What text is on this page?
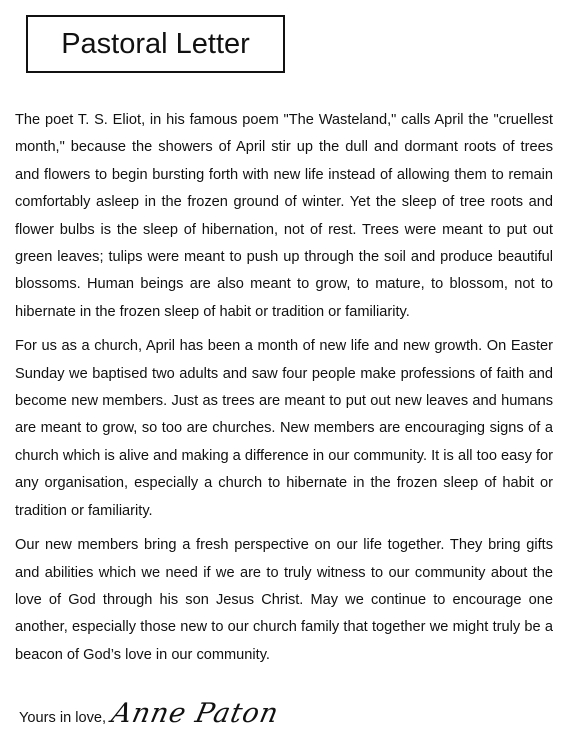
Pastoral Letter

The poet T. S. Eliot, in his famous poem "The Wasteland," calls April the "cruellest month," because the showers of April stir up the dull and dormant roots of trees and flowers to begin bursting forth with new life instead of allowing them to remain comfortably asleep in the frozen ground of winter. Yet the sleep of tree roots and flower bulbs is the sleep of hibernation, not of rest. Trees were meant to put out green leaves; tulips were meant to push up through the soil and produce beautiful blossoms. Human beings are also meant to grow, to mature, to blossom, not to hibernate in the frozen sleep of habit or tradition or familiarity.

For us as a church, April has been a month of new life and new growth. On Easter Sunday we baptised two adults and saw four people make professions of faith and become new members. Just as trees are meant to put out new leaves and humans are meant to grow, so too are churches. New members are encouraging signs of a church which is alive and making a difference in our community. It is all too easy for any organisation, especially a church to hibernate in the frozen sleep of habit or tradition or familiarity.

Our new members bring a fresh perspective on our life together. They bring gifts and abilities which we need if we are to truly witness to our community about the love of God through his son Jesus Christ. May we continue to encourage one another, especially those new to our church family that together we might truly be a beacon of God’s love in our community.

Yours in love, Anne Paton
